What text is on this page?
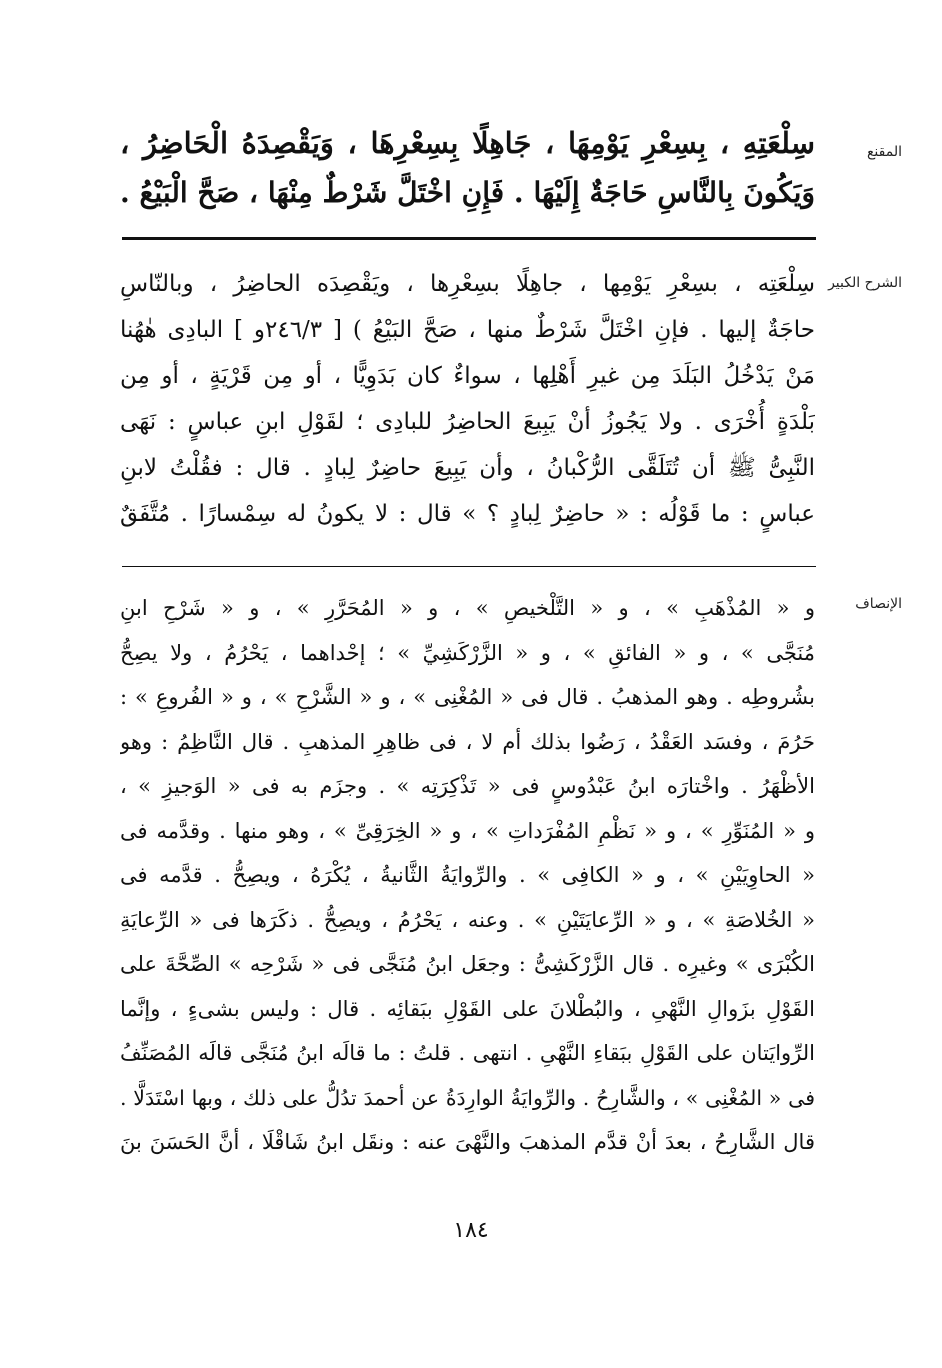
المقنع
سِلْعَتِهِ ، بِسِعْرِ يَوْمِهَا ، جَاهِلًا بِسِعْرِهَا ، وَيَقْصِدَهُ الْحَاضِرُ ،
وَيَكُونَ بِالنَّاسِ حَاجَةٌ إِلَيْهَا . فَإِنِ اخْتَلَّ شَرْطٌ مِنْهَا ، صَحَّ الْبَيْعُ .
الشرح الكبير
سِلْعَتِه ، بسِعْرِ يَوْمِها ، جاهِلًا بسِعْرِها ، ويَقْصِدَه الحاضِرُ ، وبالنّاسِ
حاجَةٌ إليها . فإنِ اخْتَلَّ شَرْطٌ منها ، صَحَّ البَيْعُ ) [ ٢٤٦/٣و ] البادِى هٰهُنا
مَنْ يَدْخُلُ البَلَدَ مِن غيرِ أَهْلِها ، سواءٌ كان بَدَوِيًّا ، أو مِن قَرْيَةٍ ، أو مِن
بَلْدَةٍ أُخْرَى . ولا يَجُوزُ أنْ يَبِيعَ الحاضِرُ للبادِى ؛ لقَوْلِ ابنِ عباسٍ : نَهَى
النَّبِىُّ ﷺ أن تُتَلَقَّى الرُّكْبانُ ، وأن يَبِيعَ حاضِرٌ لِبادٍ . قال : فقُلْتُ لابنِ
عباسٍ : ما قَوْلُه : « حاضِرٌ لِبادٍ ؟ » قال : لا يكونُ له سِمْسارًا . مُتَّفَقٌ
الإنصاف
و « المُذْهَبِ » ، و « التَّلْخيصِ » ، و « المُحَرَّرِ » ، و « شَرْحِ ابنِ
مُنَجَّى » ، و « الفائقِ » ، و « الزَّرْكَشِيِّ » ؛ إحْداهما ، يَحْرُمُ ، ولا يصِحُّ
بشُروطِه . وهو المذهبُ . قال فى « المُغْنِى » ، و « الشَّرْحِ » ، و « الفُروعِ » :
حَرُمَ ، وفسَد العَقْدُ ، رَضُوا بذلك أم لا ، فى ظاهِرِ المذهبِ . قال النَّاظِمُ : وهو
الأظْهَرُ . واخْتارَه ابنُ عَبْدُوسٍ فى « تَذْكِرَتِه » . وجزَم به فى « الوَجيزِ » ،
و « المُنَوِّرِ » ، و « نَظْمِ المُفْرَداتِ » ، و « الخِرَقِىِّ » ، وهو منها . وقدَّمه فى
« الحاوِيَيْنِ » ، و « الكافِى » . والرِّوايَةُ الثَّانيةُ ، يُكْرَهُ ، ويصِحُّ . قدَّمه فى
« الخُلاصَةِ » ، و « الرِّعايَتَيْنِ » . وعنه ، يَحْرُمُ ، ويصِحُّ . ذكَرَها فى « الرِّعايَةِ
الكُبْرَى » وغيرِه . قال الزَّرْكَشِىُّ : وجعَل ابنُ مُنَجَّى فى « شَرْحِه » الصِّحَّةَ على
القَوْلِ بزَوالِ النَّهْىِ ، والبُطْلانَ على القَوْلِ ببَقائِه . قال : وليس بشىءٍ ، وإنَّما
الرِّوايَتان على القَوْلِ ببَقاءِ النَّهْىِ . انتهى . قلتُ : ما قالَه ابنُ مُنَجَّى قالَه المُصَنِّفُ
فى « المُغْنِى » ، والشَّارِحُ . والرِّوايَةُ الوارِدَةُ عن أحمدَ تدُلُّ على ذلك ، وبها اسْتَدَلَّا .
قال الشَّارِحُ ، بعدَ أنْ قدَّم المذهبَ والنَّهْىَ عنه : ونقَل ابنُ شَاقْلَا ، أنَّ الحَسَنَ بنَ
١٨٤
